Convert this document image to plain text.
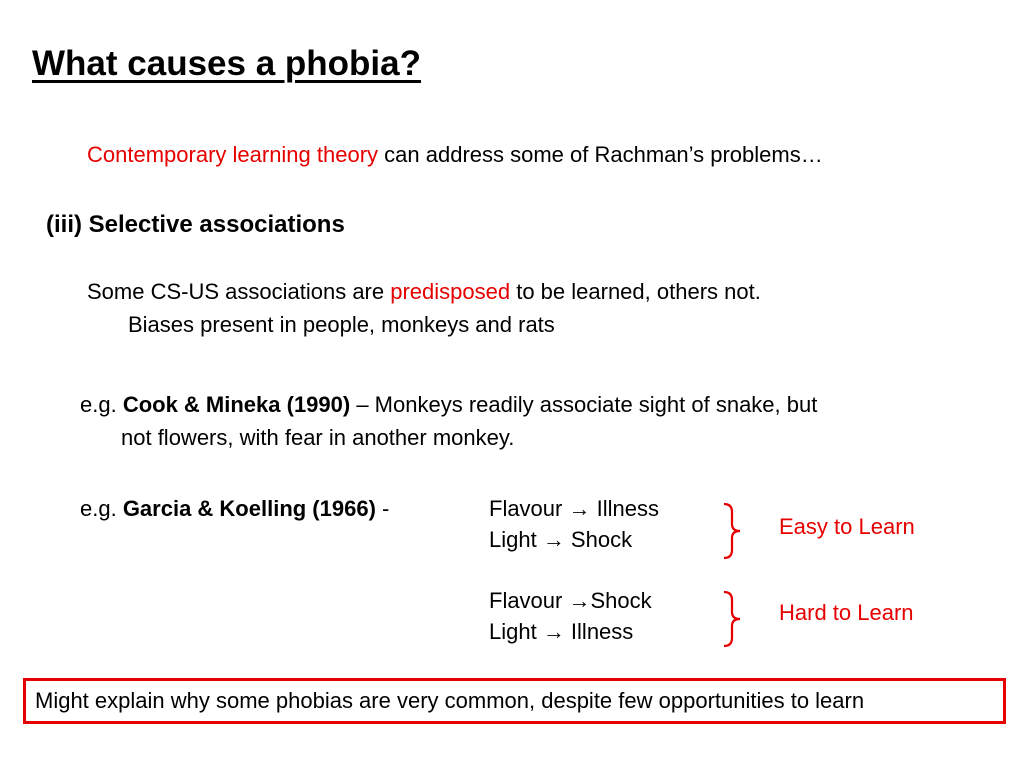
What causes a phobia?
Contemporary learning theory can address some of Rachman’s problems…
(iii) Selective associations
Some CS-US associations are predisposed to be learned, others not.
Biases present in people, monkeys and rats
e.g. Cook & Mineka (1990) – Monkeys readily associate sight of snake, but
not flowers, with fear in another monkey.
e.g. Garcia & Koelling (1966) -	Flavour → Illness
Light → Shock
Easy to Learn
Flavour →Shock
Light → Illness
Hard to Learn
Might explain why some phobias are very common, despite few opportunities to learn
